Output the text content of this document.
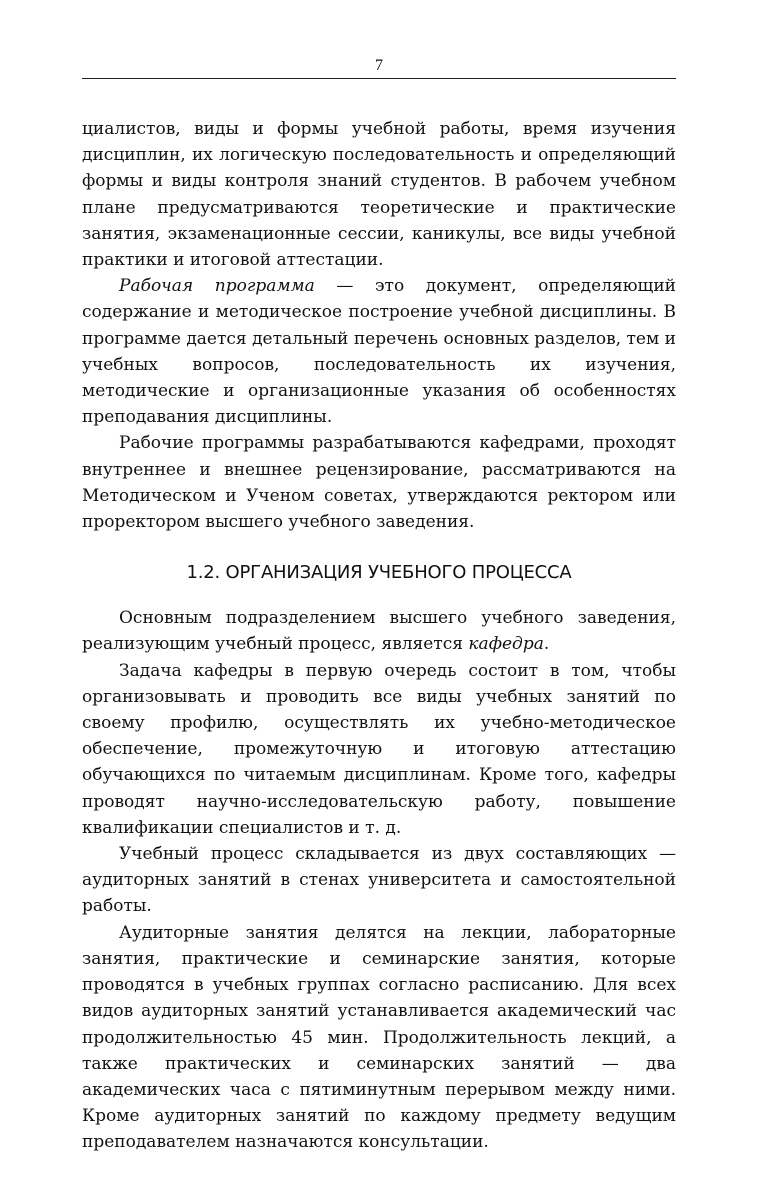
7

циалистов, виды и формы учебной работы, время изучения дисциплин, их логическую последовательность и определяющий формы и виды контроля знаний студентов. В рабочем учебном плане предусматриваются теоретические и практические занятия, экзаменационные сессии, каникулы, все виды учебной практики и итоговой аттестации.

Рабочая программа — это документ, определяющий содержание и методическое построение учебной дисциплины. В программе дается детальный перечень основных разделов, тем и учебных вопросов, последовательность их изучения, методические и организационные указания об особенностях преподавания дисциплины.

Рабочие программы разрабатываются кафедрами, проходят внутреннее и внешнее рецензирование, рассматриваются на Методическом и Ученом советах, утверждаются ректором или проректором высшего учебного заведения.

1.2. ОРГАНИЗАЦИЯ УЧЕБНОГО ПРОЦЕССА

Основным подразделением высшего учебного заведения, реализующим учебный процесс, является кафедра.

Задача кафедры в первую очередь состоит в том, чтобы организовывать и проводить все виды учебных занятий по своему профилю, осуществлять их учебно-методическое обеспечение, промежуточную и итоговую аттестацию обучающихся по читаемым дисциплинам. Кроме того, кафедры проводят научно-исследовательскую работу, повышение квалификации специалистов и т. д.

Учебный процесс складывается из двух составляющих — аудиторных занятий в стенах университета и самостоятельной работы.

Аудиторные занятия делятся на лекции, лабораторные занятия, практические и семинарские занятия, которые проводятся в учебных группах согласно расписанию. Для всех видов аудиторных занятий устанавливается академический час продолжительностью 45 мин. Продолжительность лекций, а также практических и семинарских занятий — два академических часа с пятиминутным перерывом между ними. Кроме аудиторных занятий по каждому предмету ведущим преподавателем назначаются консультации.
